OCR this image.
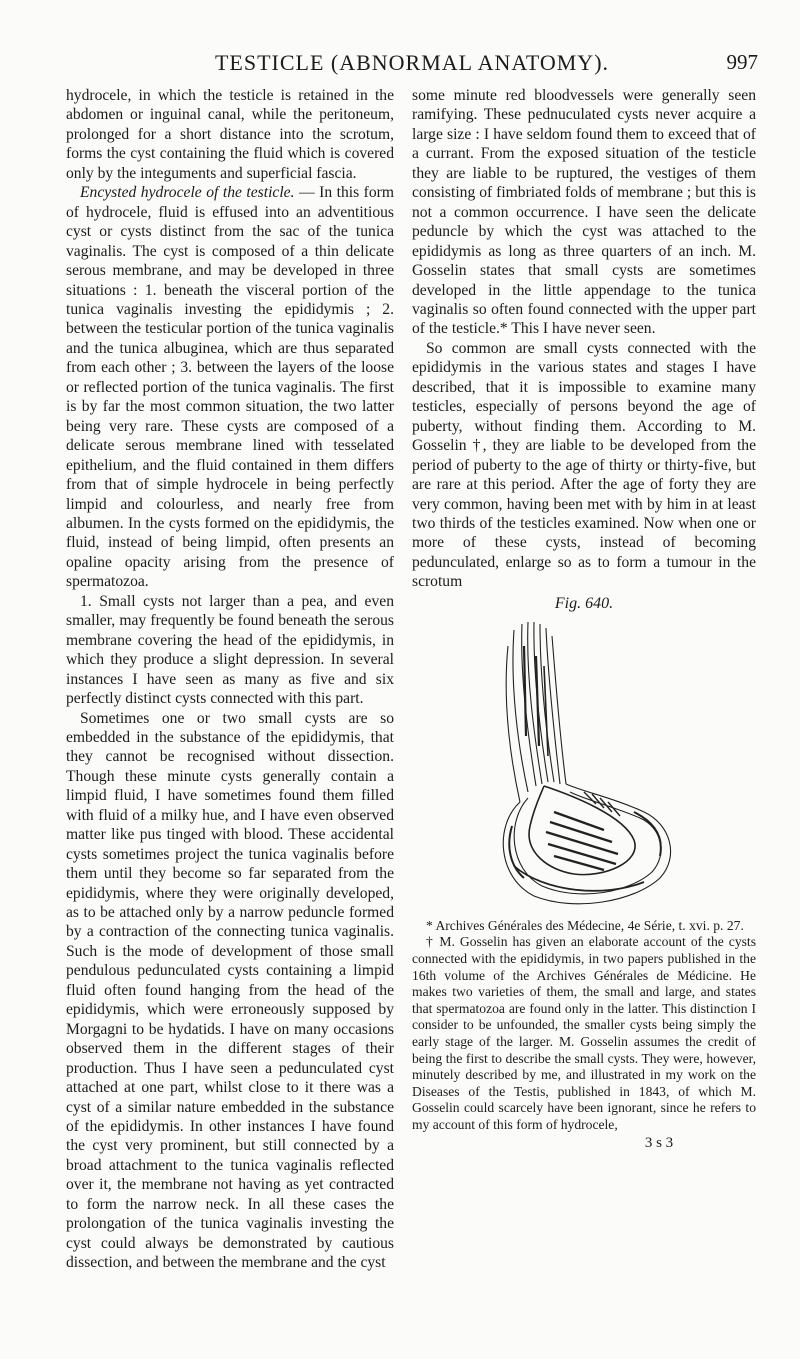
TESTICLE (ABNORMAL ANATOMY).	997

hydrocele, in which the testicle is retained in the abdomen or inguinal canal, while the peritoneum, prolonged for a short distance into the scrotum, forms the cyst containing the fluid which is covered only by the integuments and superficial fascia.

Encysted hydrocele of the testicle. — In this form of hydrocele, fluid is effused into an adventitious cyst or cysts distinct from the sac of the tunica vaginalis. The cyst is composed of a thin delicate serous membrane, and may be developed in three situations : 1. beneath the visceral portion of the tunica vaginalis investing the epididymis ; 2. between the testicular portion of the tunica vaginalis and the tunica albuginea, which are thus separated from each other ; 3. between the layers of the loose or reflected portion of the tunica vaginalis. The first is by far the most common situation, the two latter being very rare. These cysts are composed of a delicate serous membrane lined with tesselated epithelium, and the fluid contained in them differs from that of simple hydrocele in being perfectly limpid and colourless, and nearly free from albumen. In the cysts formed on the epididymis, the fluid, instead of being limpid, often presents an opaline opacity arising from the presence of spermatozoa.

1. Small cysts not larger than a pea, and even smaller, may frequently be found beneath the serous membrane covering the head of the epididymis, in which they produce a slight depression. In several instances I have seen as many as five and six perfectly distinct cysts connected with this part.

Sometimes one or two small cysts are so embedded in the substance of the epididymis, that they cannot be recognised without dissection. Though these minute cysts generally contain a limpid fluid, I have sometimes found them filled with fluid of a milky hue, and I have even observed matter like pus tinged with blood. These accidental cysts sometimes project the tunica vaginalis before them until they become so far separated from the epididymis, where they were originally developed, as to be attached only by a narrow peduncle formed by a contraction of the connecting tunica vaginalis. Such is the mode of development of those small pendulous pedunculated cysts containing a limpid fluid often found hanging from the head of the epididymis, which were erroneously supposed by Morgagni to be hydatids. I have on many occasions observed them in the different stages of their production. Thus I have seen a pedunculated cyst attached at one part, whilst close to it there was a cyst of a similar nature embedded in the substance of the epididymis. In other instances I have found the cyst very prominent, but still connected by a broad attachment to the tunica vaginalis reflected over it, the membrane not having as yet contracted to form the narrow neck. In all these cases the prolongation of the tunica vaginalis investing the cyst could always be demonstrated by cautious dissection, and between the membrane and the cyst

some minute red bloodvessels were generally seen ramifying. These pednuculated cysts never acquire a large size : I have seldom found them to exceed that of a currant. From the exposed situation of the testicle they are liable to be ruptured, the vestiges of them consisting of fimbriated folds of membrane ; but this is not a common occurrence. I have seen the delicate peduncle by which the cyst was attached to the epididymis as long as three quarters of an inch. M. Gosselin states that small cysts are sometimes developed in the little appendage to the tunica vaginalis so often found connected with the upper part of the testicle.* This I have never seen.

So common are small cysts connected with the epididymis in the various states and stages I have described, that it is impossible to examine many testicles, especially of persons beyond the age of puberty, without finding them. According to M. Gosselin †, they are liable to be developed from the period of puberty to the age of thirty or thirty-five, but are rare at this period. After the age of forty they are very common, having been met with by him in at least two thirds of the testicles examined. Now when one or more of these cysts, instead of becoming pedunculated, enlarge so as to form a tumour in the scrotum

Fig. 640.

* Archives Générales des Médecine, 4e Série, t. xvi. p. 27.

† M. Gosselin has given an elaborate account of the cysts connected with the epididymis, in two papers published in the 16th volume of the Archives Générales de Médicine. He makes two varieties of them, the small and large, and states that spermatozoa are found only in the latter. This distinction I consider to be unfounded, the smaller cysts being simply the early stage of the larger. M. Gosselin assumes the credit of being the first to describe the small cysts. They were, however, minutely described by me, and illustrated in my work on the Diseases of the Testis, published in 1843, of which M. Gosselin could scarcely have been ignorant, since he refers to my account of this form of hydrocele,

3 s 3
